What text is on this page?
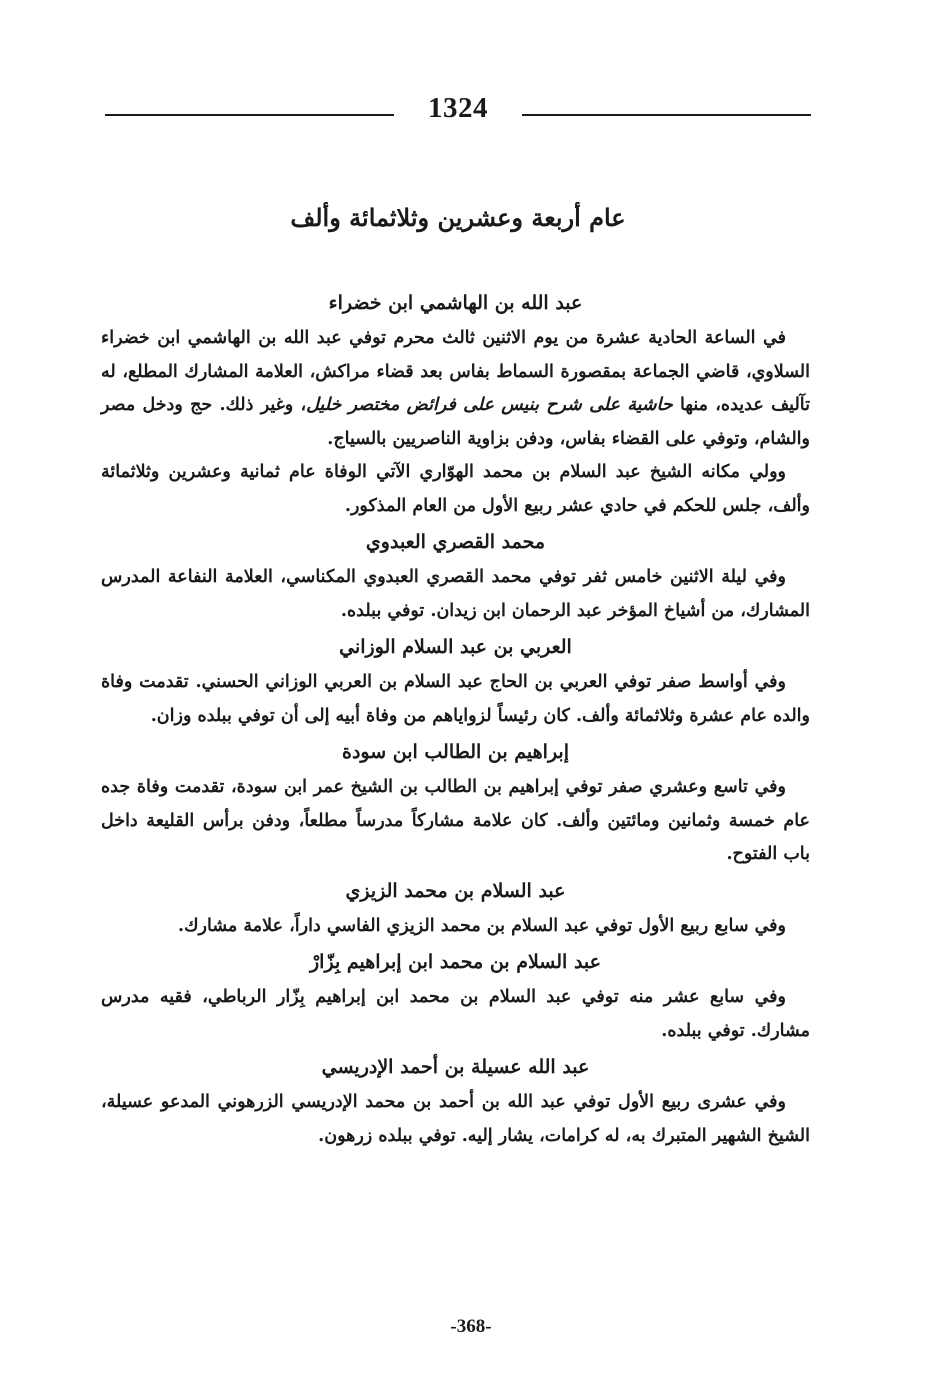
1324
عام أربعة وعشرين وثلاثمائة وألف

عبد الله بن الهاشمي ابن خضراء

في الساعة الحادية عشرة من يوم الاثنين ثالث محرم توفي عبد الله بن الهاشمي ابن خضراء السلاوي، قاضي الجماعة بمقصورة السماط بفاس بعد قضاء مراكش، العلامة المشارك المطلع، له تآليف عديده، منها حاشية على شرح بنيس على فرائض مختصر خليل، وغير ذلك. حج ودخل مصر والشام، وتوفي على القضاء بفاس، ودفن بزاوية الناصريين بالسياج.

وولي مكانه الشيخ عبد السلام بن محمد الهوّاري الآتي الوفاة عام ثمانية وعشرين وثلاثمائة وألف، جلس للحكم في حادي عشر ربيع الأول من العام المذكور.

محمد القصري العبدوي

وفي ليلة الاثنين خامس ثفر توفي محمد القصري العبدوي المكناسي، العلامة النفاعة المدرس المشارك، من أشياخ المؤخر عبد الرحمان ابن زيدان. توفي ببلده.

العربي بن عبد السلام الوزاني

وفي أواسط صفر توفي العربي بن الحاج عبد السلام بن العربي الوزاني الحسني. تقدمت وفاة والده عام عشرة وثلاثمائة وألف. كان رئيساً لزواياهم من وفاة أبيه إلى أن توفي ببلده وزان.

إبراهيم بن الطالب ابن سودة

وفي تاسع وعشري صفر توفي إبراهيم بن الطالب بن الشيخ عمر ابن سودة، تقدمت وفاة جده عام خمسة وثمانين ومائتين وألف. كان علامة مشاركاً مدرساً مطلعاً، ودفن برأس القليعة داخل باب الفتوح.

عبد السلام بن محمد الزيزي

وفي سابع ربيع الأول توفي عبد السلام بن محمد الزيزي الفاسي داراً، علامة مشارك.

عبد السلام بن محمد ابن إبراهيم بِزّارْ

وفي سابع عشر منه توفي عبد السلام بن محمد ابن إبراهيم بِزّار الرباطي، فقيه مدرس مشارك. توفي ببلده.

عبد الله عسيلة بن أحمد الإدريسي

وفي عشرى ربيع الأول توفي عبد الله بن أحمد بن محمد الإدريسي الزرهوني المدعو عسيلة، الشيخ الشهير المتبرك به، له كرامات، يشار إليه. توفي ببلده زرهون.

-368-
